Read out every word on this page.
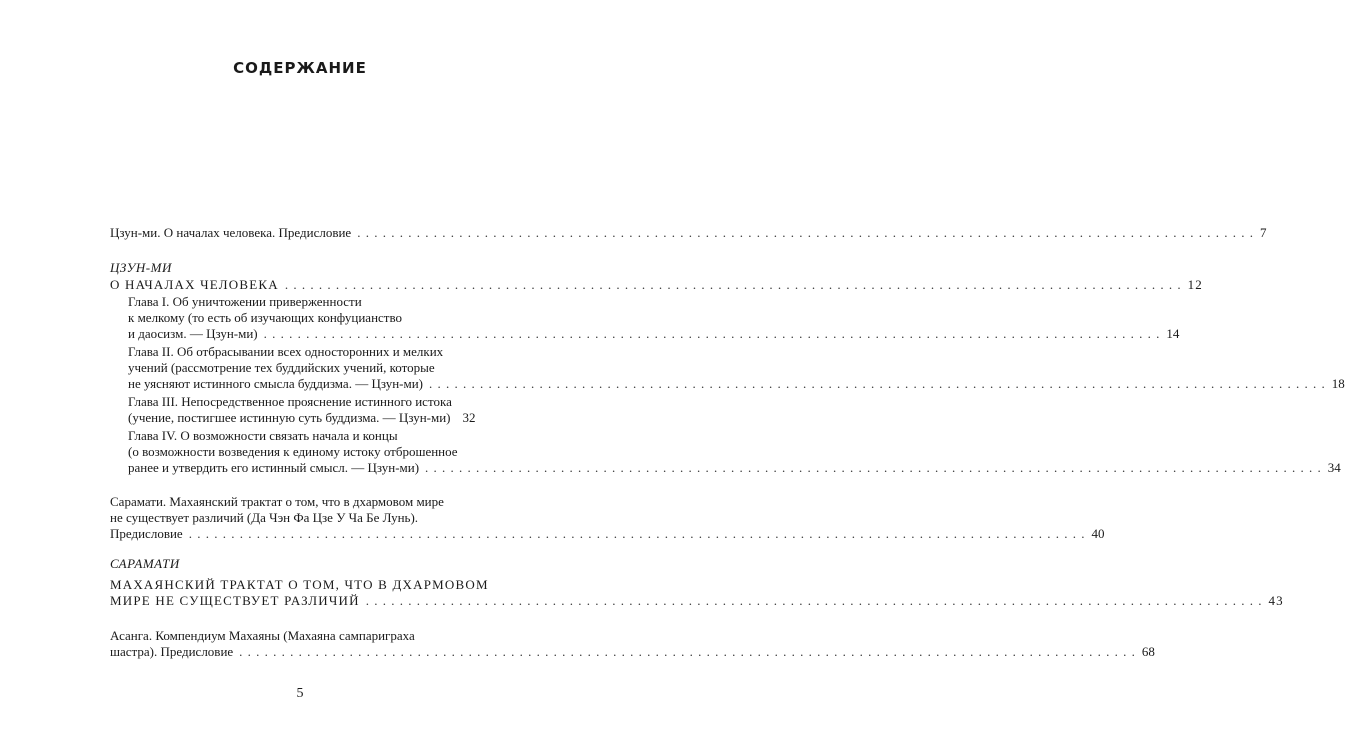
СОДЕРЖАНИЕ
Цзун-ми. О началах человека. Предисловие . . . . . . . . . . . . . . . . . . . . . . . . . . . . . . . . . . . . . . . . . . . . . . . . . . . . . . . . . . . . . . . . . . . . . . . . . . . . . . . . . . . . . . . . . . . . . . . . . . . . . . . . . . 7
ЦЗУН-МИ
О НАЧАЛАХ ЧЕЛОВЕКА . . . . . . . . . . . . . . . . . . . . . . . . . . . . . . . . . . . . . . . . . . . . . . . . . . . . . . . . . . . . . . . . . . . . . . . . . . . . . . . . . . . . . . . . . . . . . . . . . . . . . . . . . . 12
Глава I. Об уничтожении приверженности
к мелкому (то есть об изучающих конфуцианство
и даосизм. — Цзун-ми) . . . . . . . . . . . . . . . . . . . . . . . . . . . . . . . . . . . . . . . . . . . . . . . . . . . . . . . . . . . . . . . . . . . . . . . . . . . . . . . . . . . . . . . . . . . . . . . . . . . . . . . . . . 14
Глава II. Об отбрасывании всех односторонних и мелких
учений (рассмотрение тех буддийских учений, которые
не уясняют истинного смысла буддизма. — Цзун-ми) . . . . . . . . . . . . . . . . . . . . . . . . . . . . . . . . . . . . . . . . . . . . . . . . . . . . . . . . . . . . . . . . . . . . . . . . . . . . . . . . . . . . . . . . . . . . . . . . . . . . . . . . . . 18
Глава III. Непосредственное прояснение истинного истока
(учение, постигшее истинную суть буддизма. — Цзун-ми) 32
Глава IV. О возможности связать начала и концы
(о возможности возведения к единому истоку отброшенное
ранее и утвердить его истинный смысл. — Цзун-ми) . . . . . . . . . . . . . . . . . . . . . . . . . . . . . . . . . . . . . . . . . . . . . . . . . . . . . . . . . . . . . . . . . . . . . . . . . . . . . . . . . . . . . . . . . . . . . . . . . . . . . . . . . . 34
Сарамати. Махаянский трактат о том, что в дхармовом мире
не существует различий (Да Чэн Фа Цзе У Ча Бе Лунь).
Предисловие . . . . . . . . . . . . . . . . . . . . . . . . . . . . . . . . . . . . . . . . . . . . . . . . . . . . . . . . . . . . . . . . . . . . . . . . . . . . . . . . . . . . . . . . . . . . . . . . . . . . . . . . . . 40
САРАМАТИ
МАХАЯНСКИЙ ТРАКТАТ О ТОМ, ЧТО В ДХАРМОВОМ
МИРЕ НЕ СУЩЕСТВУЕТ РАЗЛИЧИЙ . . . . . . . . . . . . . . . . . . . . . . . . . . . . . . . . . . . . . . . . . . . . . . . . . . . . . . . . . . . . . . . . . . . . . . . . . . . . . . . . . . . . . . . . . . . . . . . . . . . . . . . . . . 43
Асанга. Компендиум Махаяны (Махаяна сампариграха
шастра). Предисловие . . . . . . . . . . . . . . . . . . . . . . . . . . . . . . . . . . . . . . . . . . . . . . . . . . . . . . . . . . . . . . . . . . . . . . . . . . . . . . . . . . . . . . . . . . . . . . . . . . . . . . . . . . 68
5
